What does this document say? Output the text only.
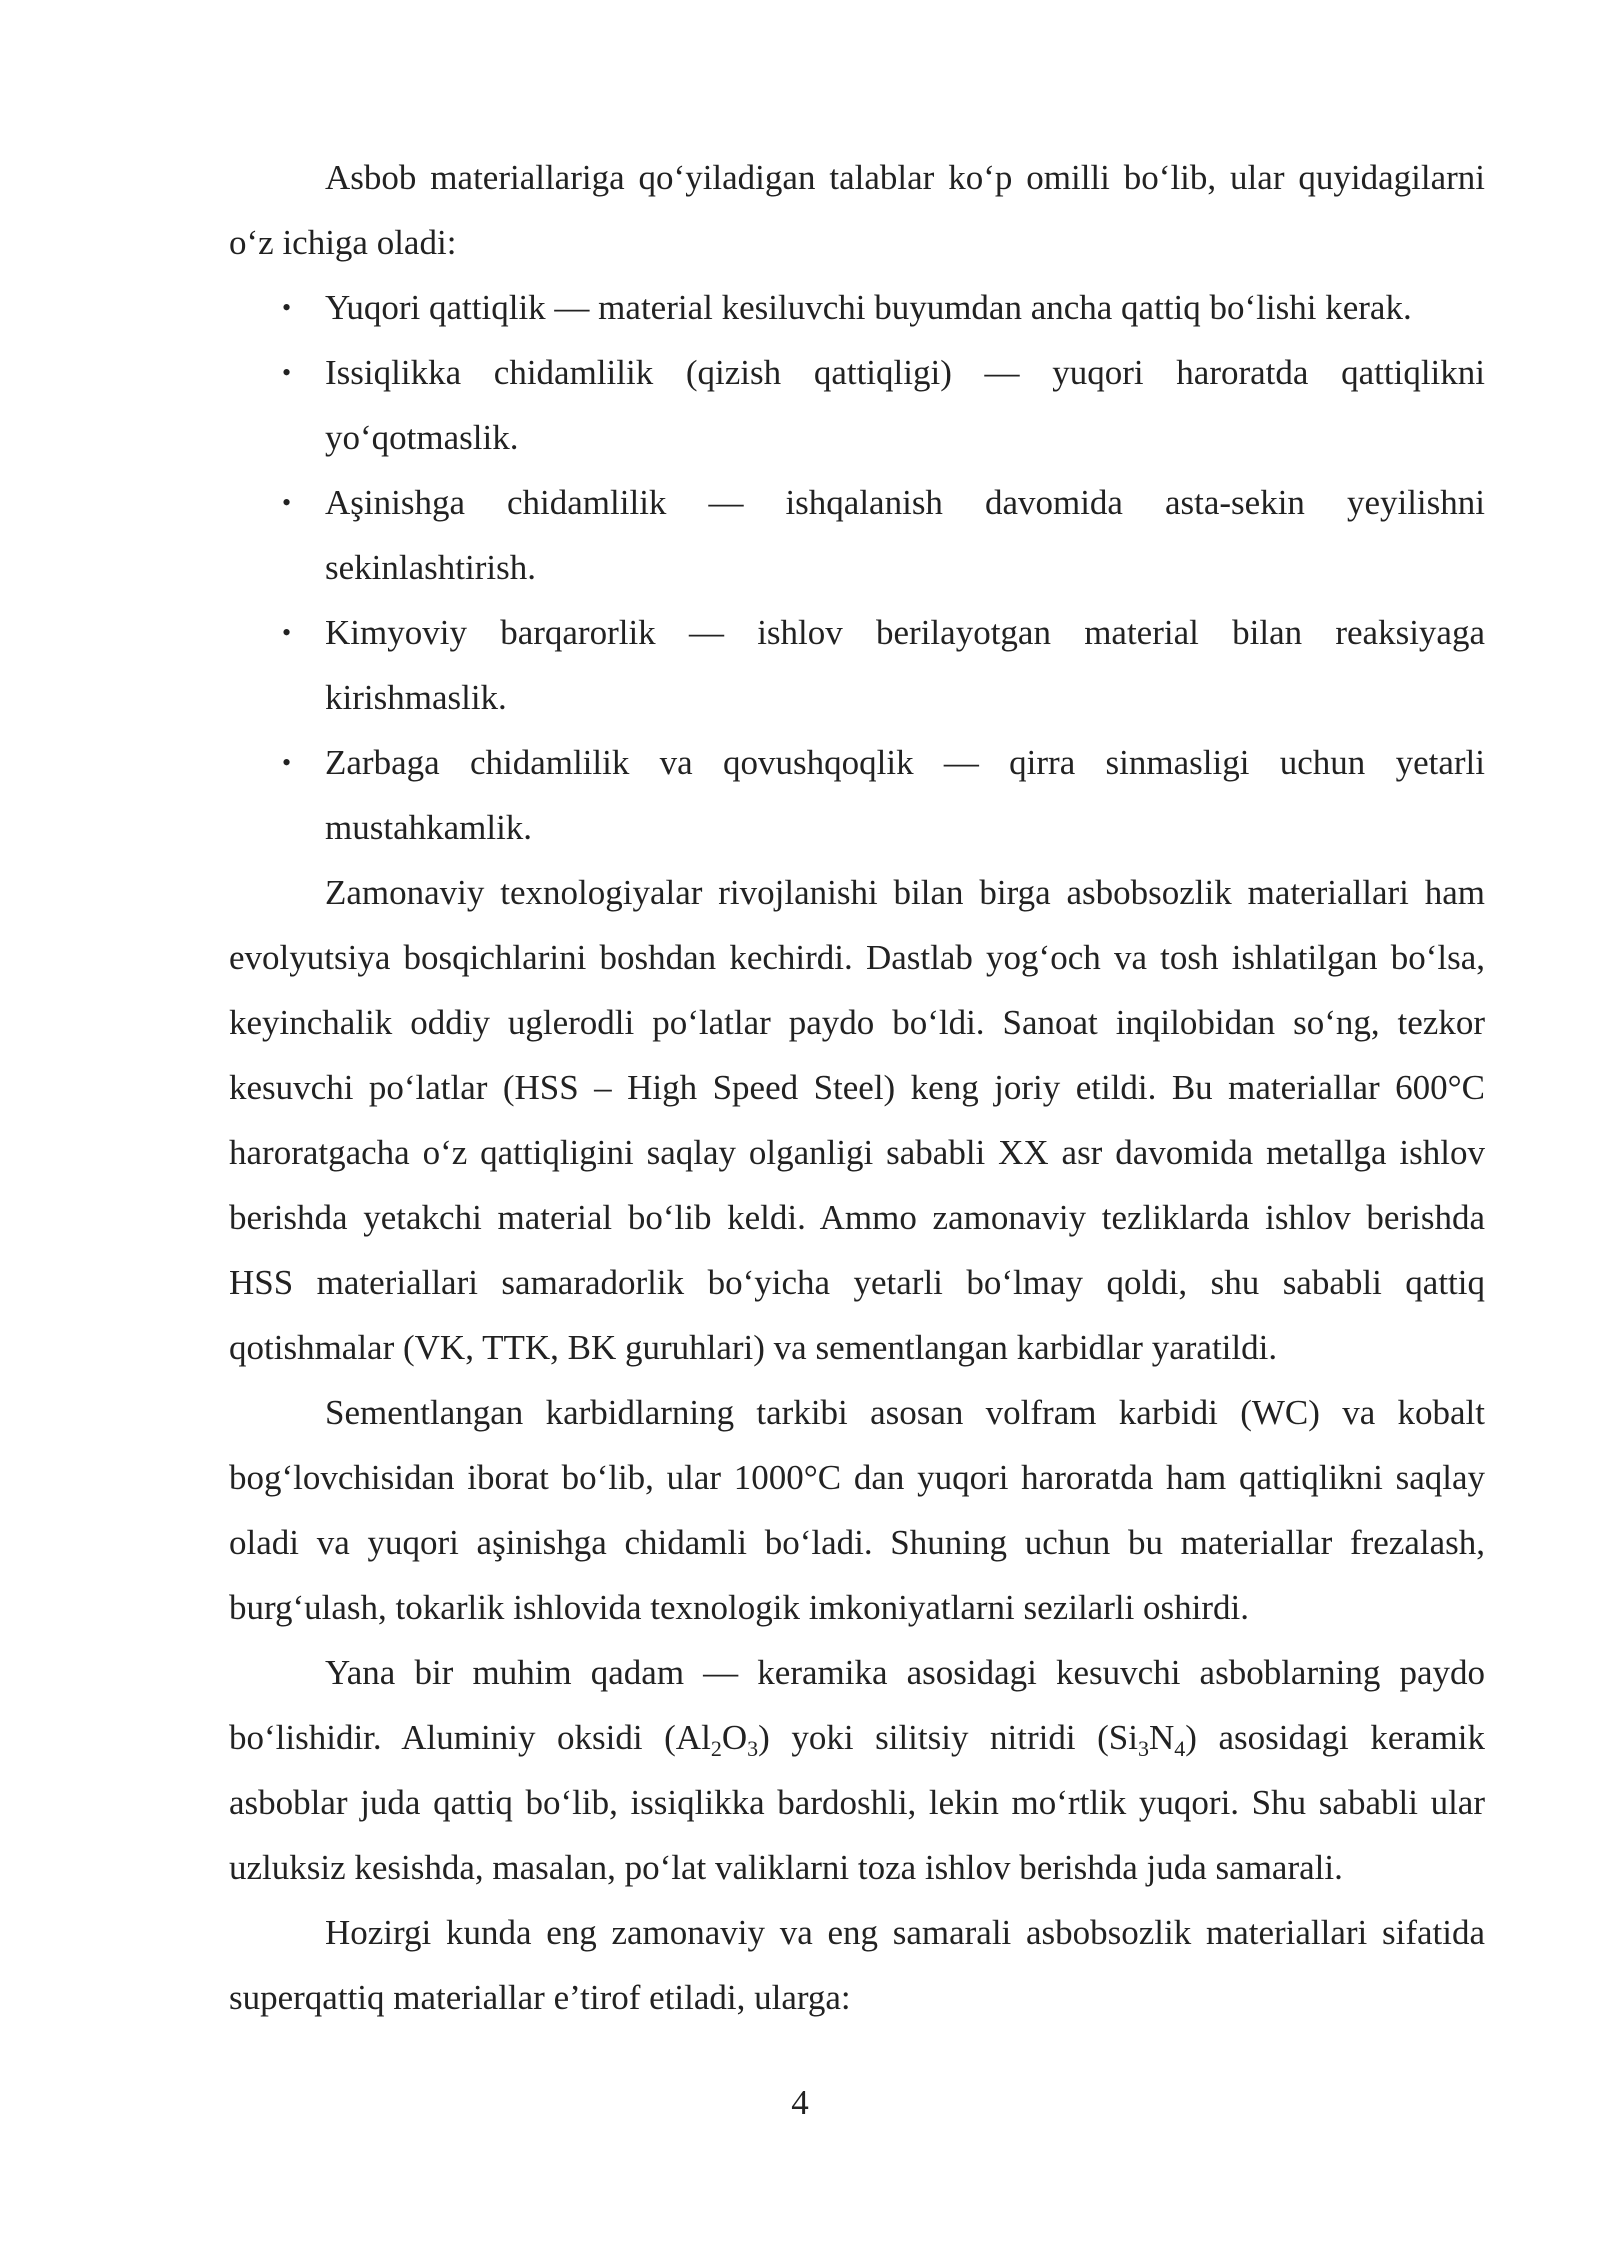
Asbob materiallariga qo‘yiladigan talablar ko‘p omilli bo‘lib, ular quyidagilarni o‘z ichiga oladi:

• Yuqori qattiqlik — material kesiluvchi buyumdan ancha qattiq bo‘lishi kerak.
• Issiqlikka chidamlilik (qizish qattiqligi) — yuqori haroratda qattiqlikni yo‘qotmaslik.
• Aşinishga chidamlilik — ishqalanish davomida asta-sekin yeyilishni sekinlashtirish.
• Kimyoviy barqarorlik — ishlov berilayotgan material bilan reaksiyaga kirishmaslik.
• Zarbaga chidamlilik va qovushqoqlik — qirra sinmasligi uchun yetarli mustahkamlik.

Zamonaviy texnologiyalar rivojlanishi bilan birga asbobsozlik materiallari ham evolyutsiya bosqichlarini boshdan kechirdi. Dastlab yog‘och va tosh ishlatilgan bo‘lsa, keyinchalik oddiy uglerodli po‘latlar paydo bo‘ldi. Sanoat inqilobidan so‘ng, tezkor kesuvchi po‘latlar (HSS – High Speed Steel) keng joriy etildi. Bu materiallar 600°C haroratgacha o‘z qattiqligini saqlay olganligi sababli XX asr davomida metallga ishlov berishda yetakchi material bo‘lib keldi. Ammo zamonaviy tezliklarda ishlov berishda HSS materiallari samaradorlik bo‘yicha yetarli bo‘lmay qoldi, shu sababli qattiq qotishmalar (VK, TTK, BK guruhlari) va sementlangan karbidlar yaratildi.

Sementlangan karbidlarning tarkibi asosan volfram karbidi (WC) va kobalt bog‘lovchisidan iborat bo‘lib, ular 1000°C dan yuqori haroratda ham qattiqlikni saqlay oladi va yuqori aşinishga chidamli bo‘ladi. Shuning uchun bu materiallar frezalash, burg‘ulash, tokarlik ishlovida texnologik imkoniyatlarni sezilarli oshirdi.

Yana bir muhim qadam — keramika asosidagi kesuvchi asboblarning paydo bo‘lishidir. Aluminiy oksidi $(Al_2O_3)$ yoki silitsiy nitridi $(Si_3N_4)$ asosidagi keramik asboblar juda qattiq bo‘lib, issiqlikka bardoshli, lekin mo‘rtlik yuqori. Shu sababli ular uzluksiz kesishda, masalan, po‘lat valiklarni toza ishlov berishda juda samarali.

Hozirgi kunda eng zamonaviy va eng samarali asbobsozlik materiallari sifatida superqattiq materiallar e’tirof etiladi, ularga:

4
